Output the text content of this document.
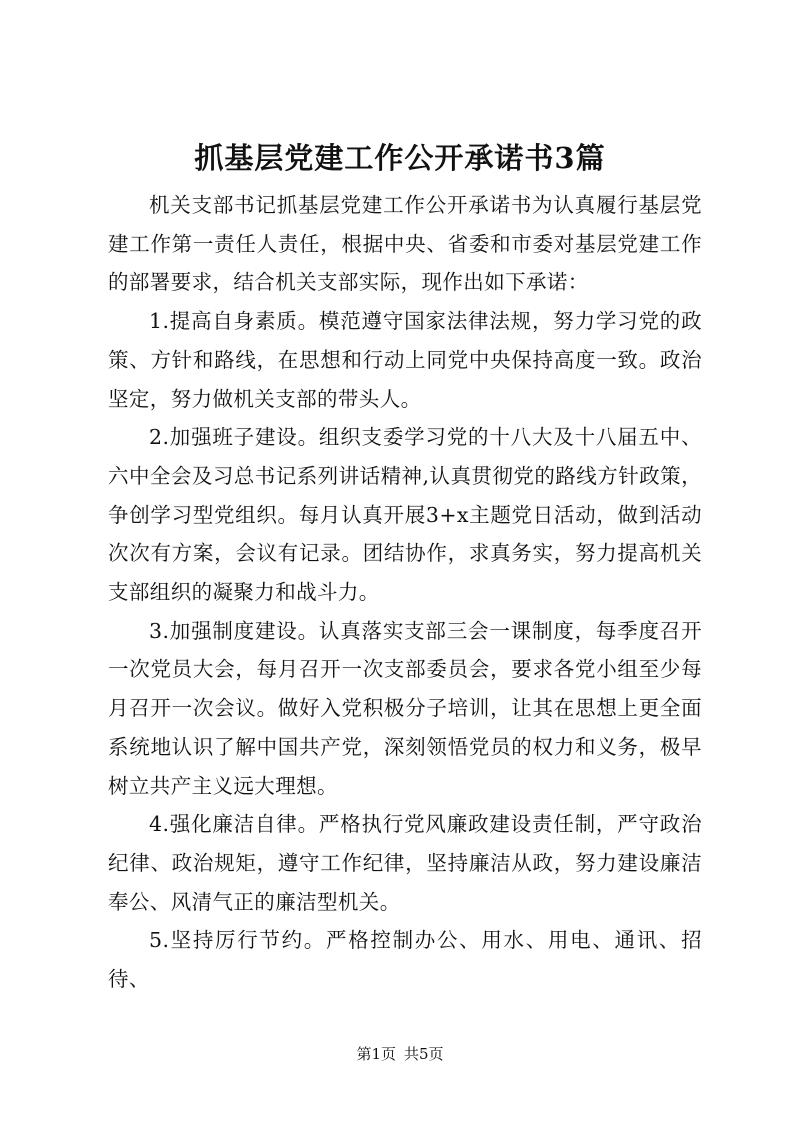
抓基层党建工作公开承诺书3篇

机关支部书记抓基层党建工作公开承诺书为认真履行基层党建工作第一责任人责任，根据中央、省委和市委对基层党建工作的部署要求，结合机关支部实际，现作出如下承诺：

1.提高自身素质。模范遵守国家法律法规，努力学习党的政策、方针和路线，在思想和行动上同党中央保持高度一致。政治坚定，努力做机关支部的带头人。

2.加强班子建设。组织支委学习党的十八大及十八届五中、六中全会及习总书记系列讲话精神,认真贯彻党的路线方针政策，争创学习型党组织。每月认真开展3+x主题党日活动，做到活动次次有方案，会议有记录。团结协作，求真务实，努力提高机关支部组织的凝聚力和战斗力。

3.加强制度建设。认真落实支部三会一课制度，每季度召开一次党员大会，每月召开一次支部委员会，要求各党小组至少每月召开一次会议。做好入党积极分子培训，让其在思想上更全面系统地认识了解中国共产党，深刻领悟党员的权力和义务，极早树立共产主义远大理想。

4.强化廉洁自律。严格执行党风廉政建设责任制，严守政治纪律、政治规矩，遵守工作纪律，坚持廉洁从政，努力建设廉洁奉公、风清气正的廉洁型机关。

5.坚持厉行节约。严格控制办公、用水、用电、通讯、招待、

第1页 共5页
